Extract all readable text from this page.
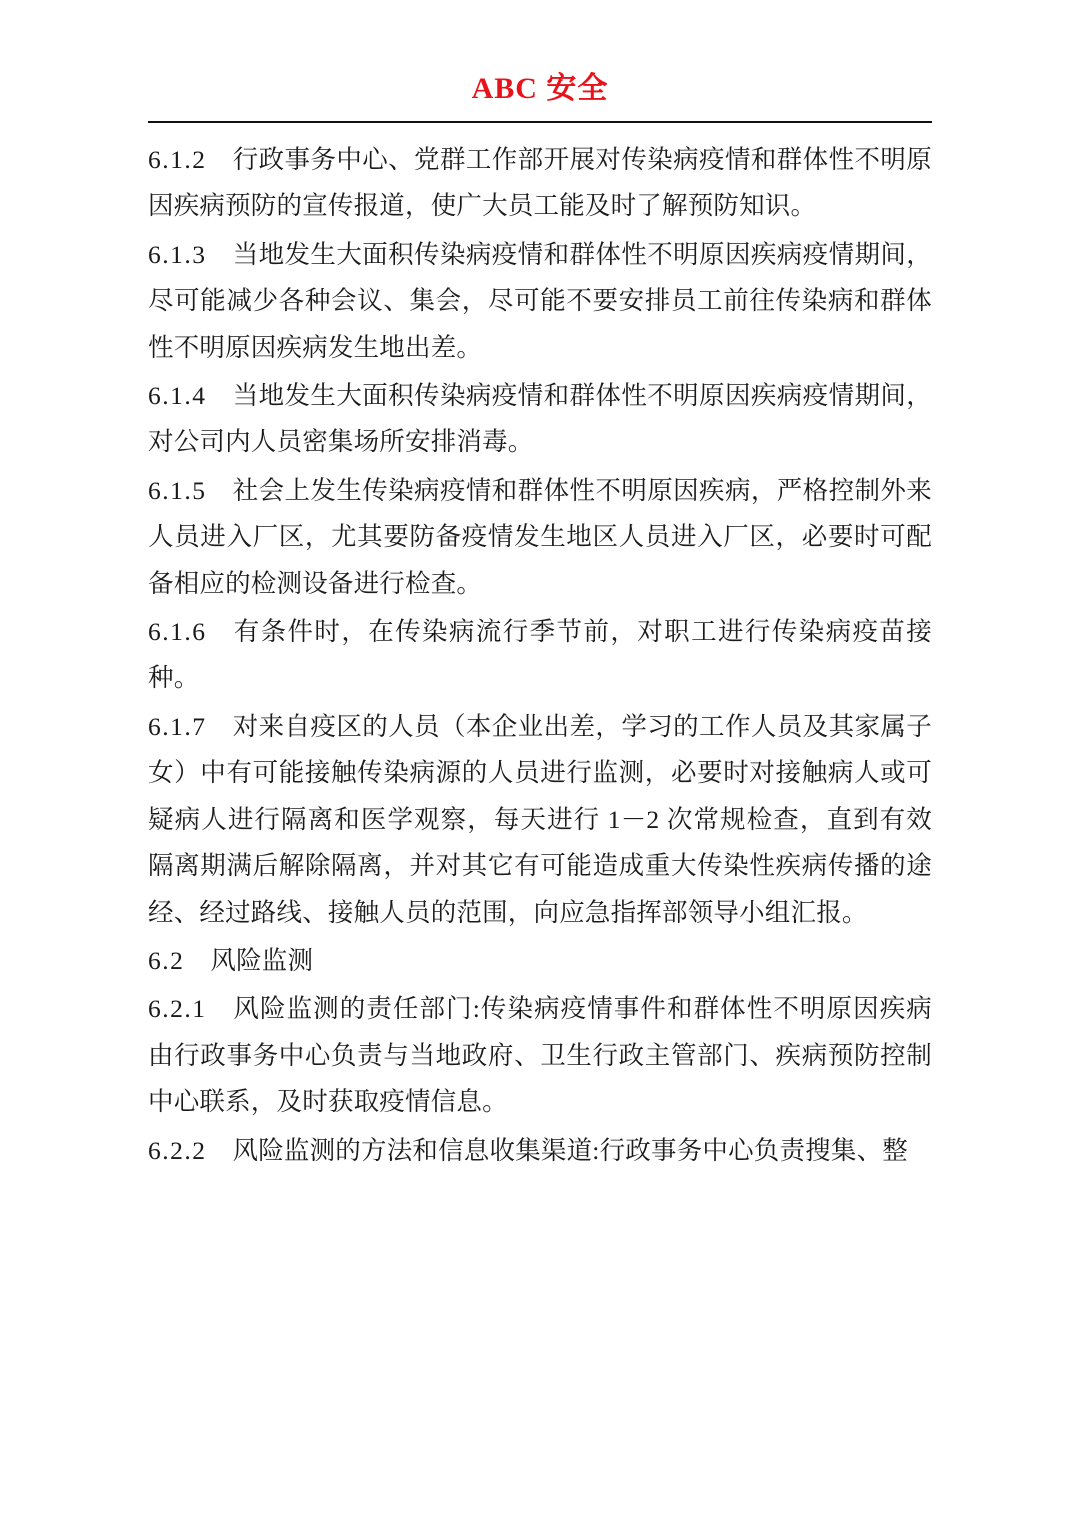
ABC 安全

6.1.2 行政事务中心、党群工作部开展对传染病疫情和群体性不明原因疾病预防的宣传报道，使广大员工能及时了解预防知识。

6.1.3 当地发生大面积传染病疫情和群体性不明原因疾病疫情期间，尽可能减少各种会议、集会，尽可能不要安排员工前往传染病和群体性不明原因疾病发生地出差。

6.1.4 当地发生大面积传染病疫情和群体性不明原因疾病疫情期间，对公司内人员密集场所安排消毒。

6.1.5 社会上发生传染病疫情和群体性不明原因疾病，严格控制外来人员进入厂区，尤其要防备疫情发生地区人员进入厂区，必要时可配备相应的检测设备进行检查。

6.1.6 有条件时，在传染病流行季节前，对职工进行传染病疫苗接种。

6.1.7 对来自疫区的人员（本企业出差，学习的工作人员及其家属子女）中有可能接触传染病源的人员进行监测，必要时对接触病人或可疑病人进行隔离和医学观察，每天进行 1－2 次常规检查，直到有效隔离期满后解除隔离，并对其它有可能造成重大传染性疾病传播的途经、经过路线、接触人员的范围，向应急指挥部领导小组汇报。

6.2 风险监测

6.2.1 风险监测的责任部门:传染病疫情事件和群体性不明原因疾病由行政事务中心负责与当地政府、卫生行政主管部门、疾病预防控制中心联系，及时获取疫情信息。

6.2.2 风险监测的方法和信息收集渠道:行政事务中心负责搜集、整
